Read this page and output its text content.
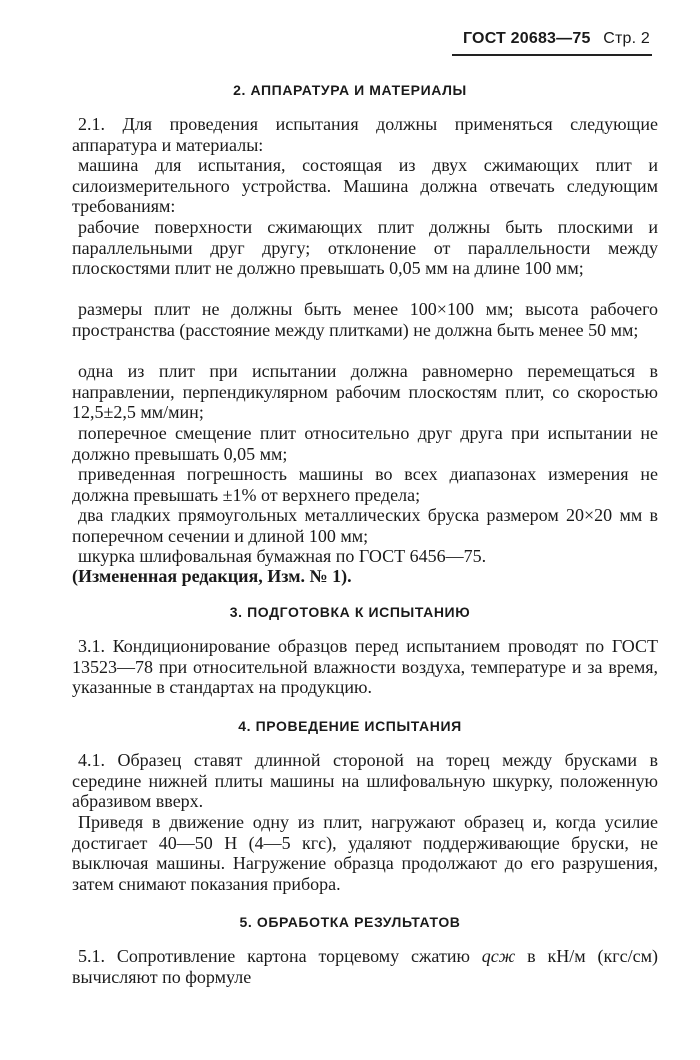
ГОСТ 20683—75 Стр. 2
2. АППАРАТУРА И МАТЕРИАЛЫ

2.1. Для проведения испытания должны применяться следующие аппаратура и материалы:

машина для испытания, состоящая из двух сжимающих плит и силоизмерительного устройства. Машина должна отвечать следующим требованиям:

рабочие поверхности сжимающих плит должны быть плоскими и параллельными друг другу; отклонение от параллельности между плоскостями плит не должно превышать 0,05 мм на длине 100 мм;

размеры плит не должны быть менее 100×100 мм; высота рабочего пространства (расстояние между плитками) не должна быть менее 50 мм;

одна из плит при испытании должна равномерно перемещаться в направлении, перпендикулярном рабочим плоскостям плит, со скоростью 12,5±2,5 мм/мин;

поперечное смещение плит относительно друг друга при испытании не должно превышать 0,05 мм;

приведенная погрешность машины во всех диапазонах измерения не должна превышать ±1% от верхнего предела;

два гладких прямоугольных металлических бруска размером 20×20 мм в поперечном сечении и длиной 100 мм;

шкурка шлифовальная бумажная по ГОСТ 6456—75.

(Измененная редакция, Изм. № 1).

3. ПОДГОТОВКА К ИСПЫТАНИЮ

3.1. Кондиционирование образцов перед испытанием проводят по ГОСТ 13523—78 при относительной влажности воздуха, температуре и за время, указанные в стандартах на продукцию.

4. ПРОВЕДЕНИЕ ИСПЫТАНИЯ

4.1. Образец ставят длинной стороной на торец между брусками в середине нижней плиты машины на шлифовальную шкурку, положенную абразивом вверх.

Приведя в движение одну из плит, нагружают образец и, когда усилие достигает 40—50 Н (4—5 кгс), удаляют поддерживающие бруски, не выключая машины. Нагружение образца продолжают до его разрушения, затем снимают показания прибора.

5. ОБРАБОТКА РЕЗУЛЬТАТОВ

5.1. Сопротивление картона торцевому сжатию qсж в кН/м (кгс/см) вычисляют по формуле
